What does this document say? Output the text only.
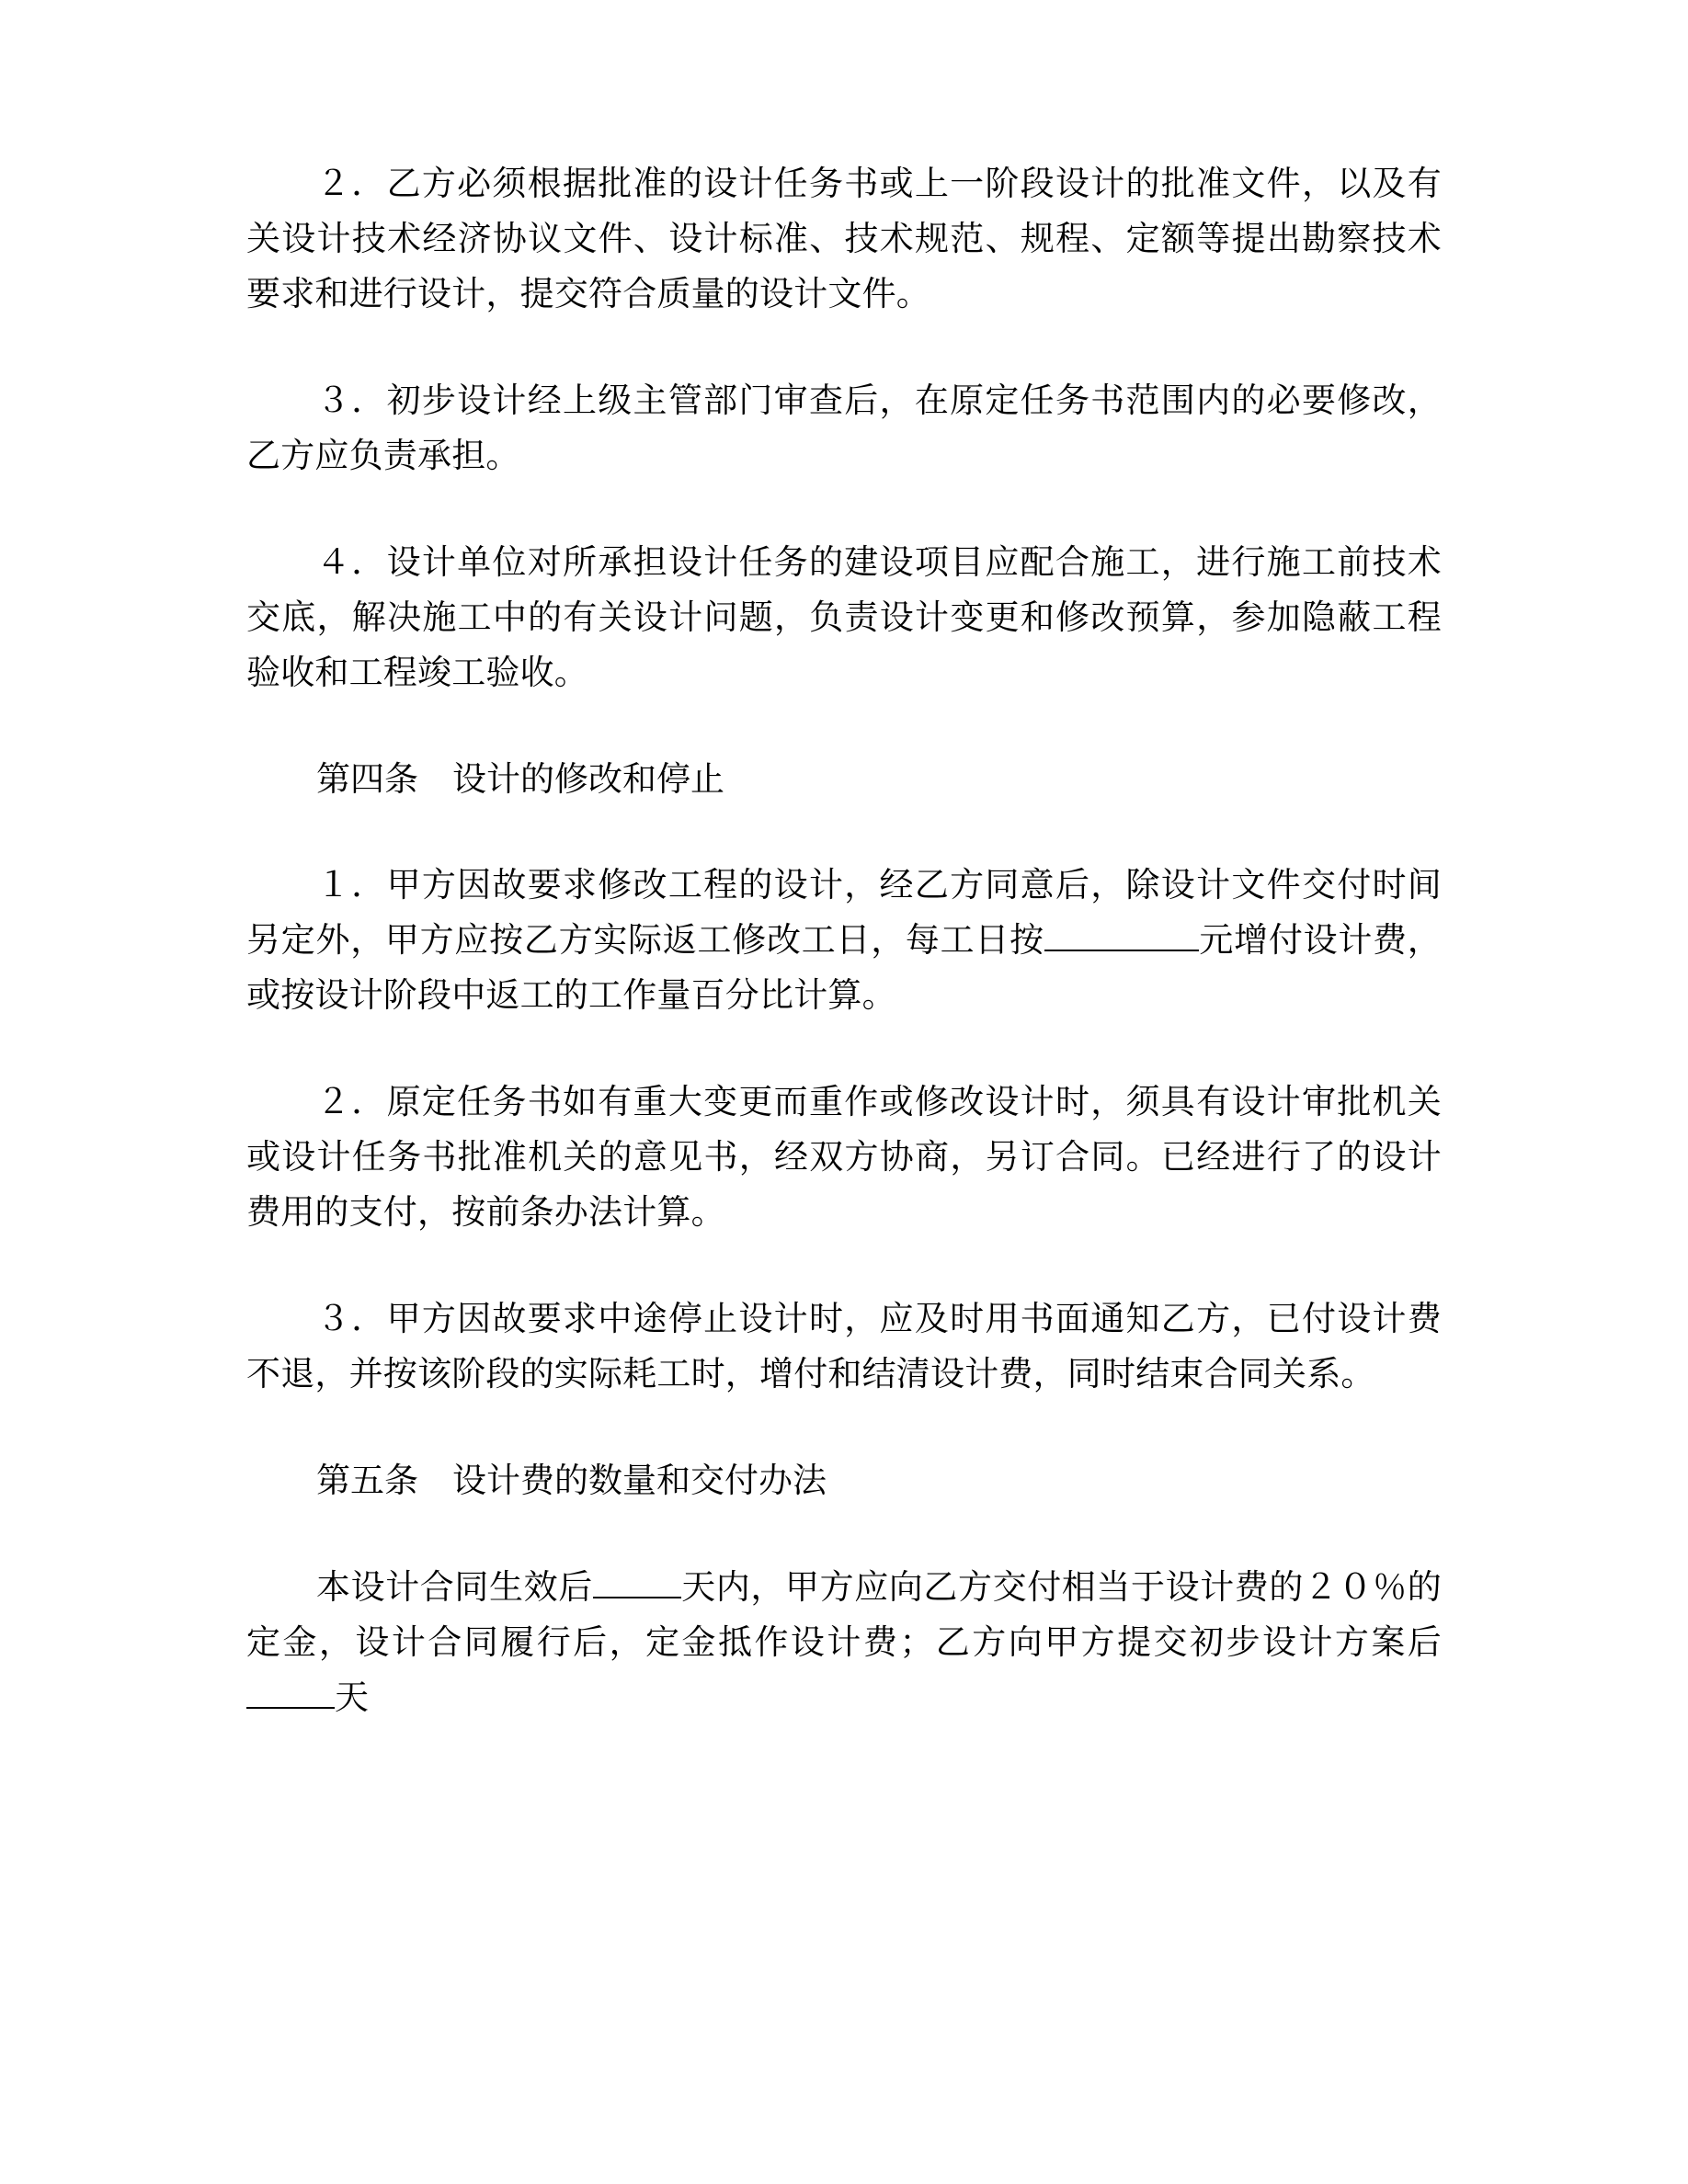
２．乙方必须根据批准的设计任务书或上一阶段设计的批准文件，以及有关设计技术经济协议文件、设计标准、技术规范、规程、定额等提出勘察技术要求和进行设计，提交符合质量的设计文件。

３．初步设计经上级主管部门审查后，在原定任务书范围内的必要修改，乙方应负责承担。

４．设计单位对所承担设计任务的建设项目应配合施工，进行施工前技术交底，解决施工中的有关设计问题，负责设计变更和修改预算，参加隐蔽工程验收和工程竣工验收。

第四条　设计的修改和停止

１．甲方因故要求修改工程的设计，经乙方同意后，除设计文件交付时间另定外，甲方应按乙方实际返工修改工日，每工日按	元增付设计费，或按设计阶段中返工的工作量百分比计算。

２．原定任务书如有重大变更而重作或修改设计时，须具有设计审批机关或设计任务书批准机关的意见书，经双方协商，另订合同。已经进行了的设计费用的支付，按前条办法计算。

３．甲方因故要求中途停止设计时，应及时用书面通知乙方，已付设计费不退，并按该阶段的实际耗工时，增付和结清设计费，同时结束合同关系。

第五条　设计费的数量和交付办法

本设计合同生效后	天内，甲方应向乙方交付相当于设计费的２０％的定金，设计合同履行后，定金抵作设计费；乙方向甲方提交初步设计方案后天
